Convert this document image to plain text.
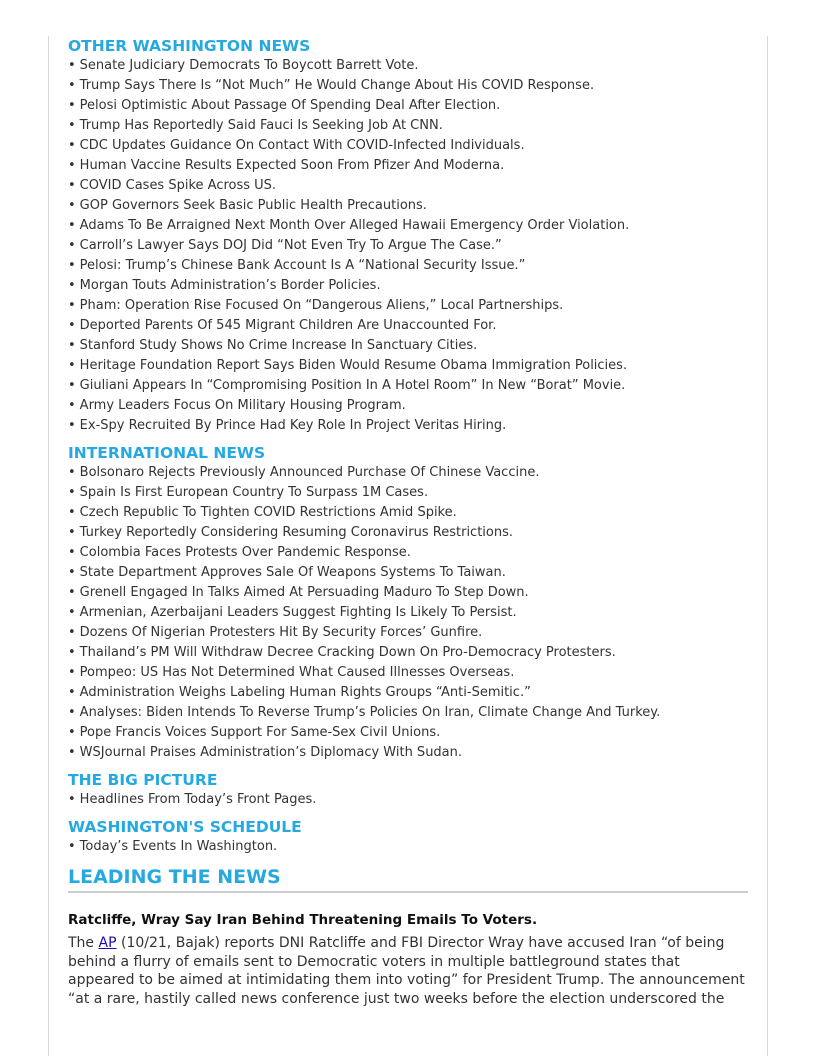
OTHER WASHINGTON NEWS
• Senate Judiciary Democrats To Boycott Barrett Vote.
• Trump Says There Is “Not Much” He Would Change About His COVID Response.
• Pelosi Optimistic About Passage Of Spending Deal After Election.
• Trump Has Reportedly Said Fauci Is Seeking Job At CNN.
• CDC Updates Guidance On Contact With COVID-Infected Individuals.
• Human Vaccine Results Expected Soon From Pfizer And Moderna.
• COVID Cases Spike Across US.
• GOP Governors Seek Basic Public Health Precautions.
• Adams To Be Arraigned Next Month Over Alleged Hawaii Emergency Order Violation.
• Carroll’s Lawyer Says DOJ Did “Not Even Try To Argue The Case.”
• Pelosi: Trump’s Chinese Bank Account Is A “National Security Issue.”
• Morgan Touts Administration’s Border Policies.
• Pham: Operation Rise Focused On “Dangerous Aliens,” Local Partnerships.
• Deported Parents Of 545 Migrant Children Are Unaccounted For.
• Stanford Study Shows No Crime Increase In Sanctuary Cities.
• Heritage Foundation Report Says Biden Would Resume Obama Immigration Policies.
• Giuliani Appears In “Compromising Position In A Hotel Room” In New “Borat” Movie.
• Army Leaders Focus On Military Housing Program.
• Ex-Spy Recruited By Prince Had Key Role In Project Veritas Hiring.
INTERNATIONAL NEWS
• Bolsonaro Rejects Previously Announced Purchase Of Chinese Vaccine.
• Spain Is First European Country To Surpass 1M Cases.
• Czech Republic To Tighten COVID Restrictions Amid Spike.
• Turkey Reportedly Considering Resuming Coronavirus Restrictions.
• Colombia Faces Protests Over Pandemic Response.
• State Department Approves Sale Of Weapons Systems To Taiwan.
• Grenell Engaged In Talks Aimed At Persuading Maduro To Step Down.
• Armenian, Azerbaijani Leaders Suggest Fighting Is Likely To Persist.
• Dozens Of Nigerian Protesters Hit By Security Forces’ Gunfire.
• Thailand’s PM Will Withdraw Decree Cracking Down On Pro-Democracy Protesters.
• Pompeo: US Has Not Determined What Caused Illnesses Overseas.
• Administration Weighs Labeling Human Rights Groups “Anti-Semitic.”
• Analyses: Biden Intends To Reverse Trump’s Policies On Iran, Climate Change And Turkey.
• Pope Francis Voices Support For Same-Sex Civil Unions.
• WSJournal Praises Administration’s Diplomacy With Sudan.
THE BIG PICTURE
• Headlines From Today’s Front Pages.
WASHINGTON'S SCHEDULE
• Today’s Events In Washington.
LEADING THE NEWS
Ratcliffe, Wray Say Iran Behind Threatening Emails To Voters.

The AP (10/21, Bajak) reports DNI Ratcliffe and FBI Director Wray have accused Iran “of being behind a flurry of emails sent to Democratic voters in multiple battleground states that appeared to be aimed at intimidating them into voting” for President Trump. The announcement “at a rare, hastily called news conference just two weeks before the election underscored the
